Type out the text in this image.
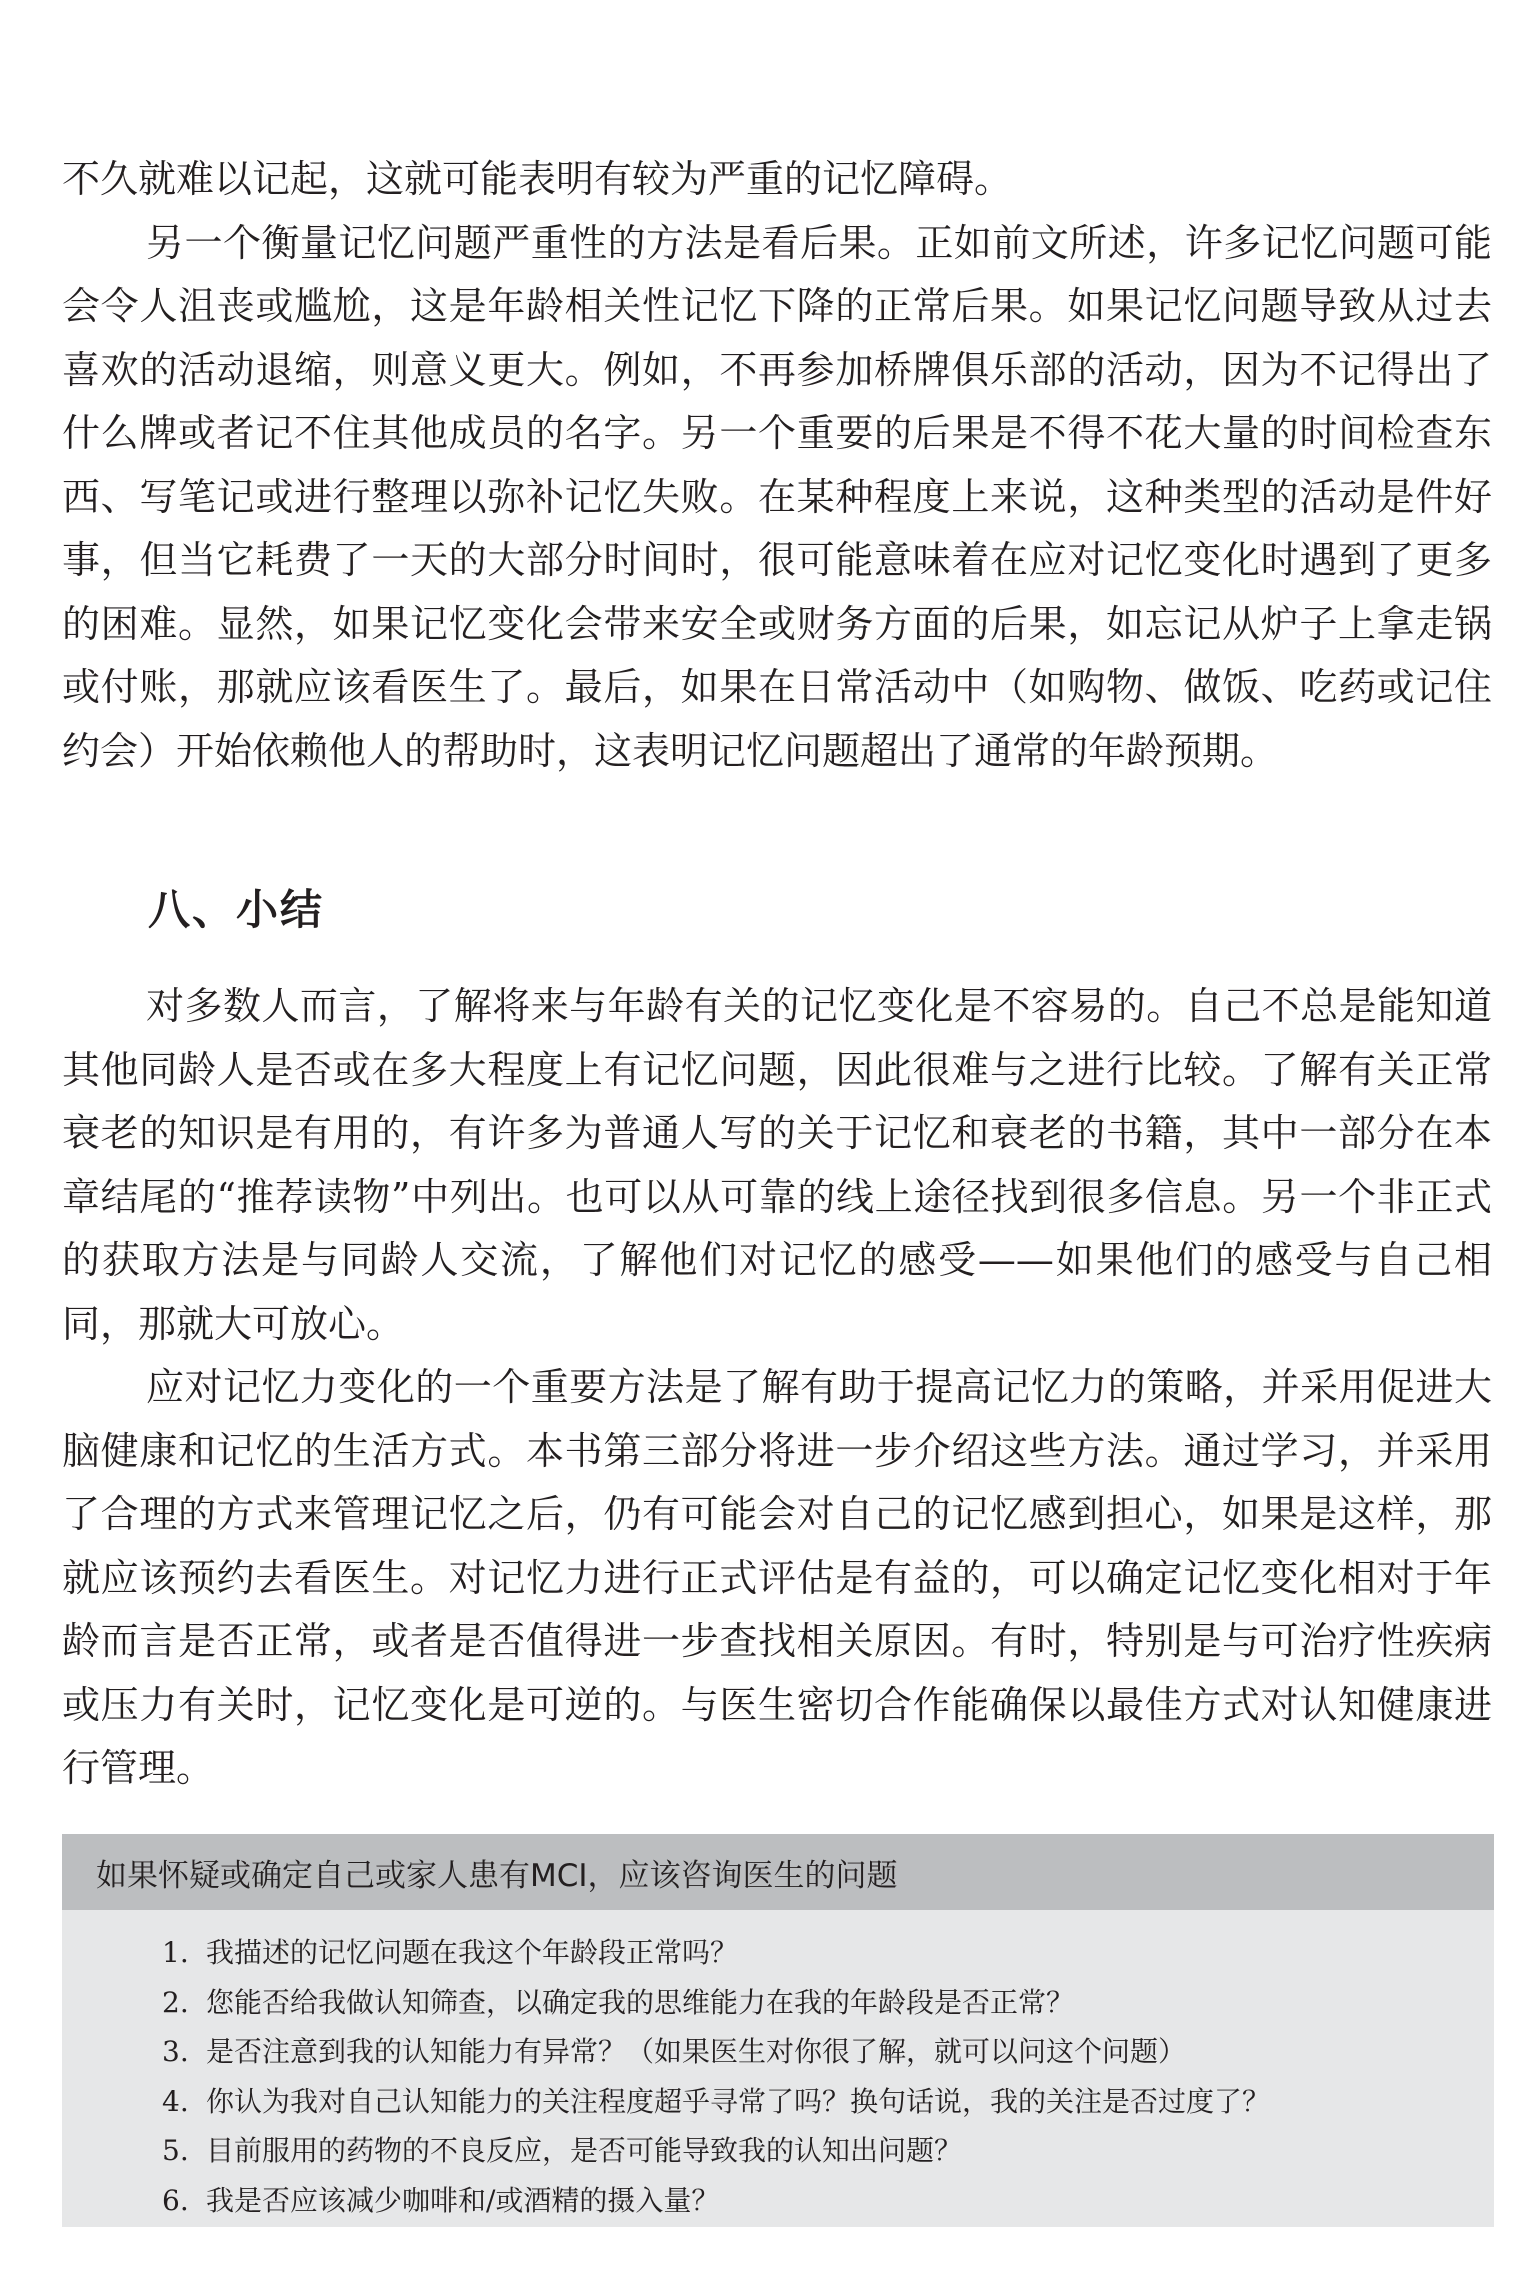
不久就难以记起，这就可能表明有较为严重的记忆障碍。

另一个衡量记忆问题严重性的方法是看后果。正如前文所述，许多记忆问题可能会令人沮丧或尴尬，这是年龄相关性记忆下降的正常后果。如果记忆问题导致从过去喜欢的活动退缩，则意义更大。例如，不再参加桥牌俱乐部的活动，因为不记得出了什么牌或者记不住其他成员的名字。另一个重要的后果是不得不花大量的时间检查东西、写笔记或进行整理以弥补记忆失败。在某种程度上来说，这种类型的活动是件好事，但当它耗费了一天的大部分时间时，很可能意味着在应对记忆变化时遇到了更多的困难。显然，如果记忆变化会带来安全或财务方面的后果，如忘记从炉子上拿走锅或付账，那就应该看医生了。最后，如果在日常活动中（如购物、做饭、吃药或记住约会）开始依赖他人的帮助时，这表明记忆问题超出了通常的年龄预期。

八、小结

对多数人而言，了解将来与年龄有关的记忆变化是不容易的。自己不总是能知道其他同龄人是否或在多大程度上有记忆问题，因此很难与之进行比较。了解有关正常衰老的知识是有用的，有许多为普通人写的关于记忆和衰老的书籍，其中一部分在本章结尾的“推荐读物”中列出。也可以从可靠的线上途径找到很多信息。另一个非正式的获取方法是与同龄人交流，了解他们对记忆的感受——如果他们的感受与自己相同，那就大可放心。

应对记忆力变化的一个重要方法是了解有助于提高记忆力的策略，并采用促进大脑健康和记忆的生活方式。本书第三部分将进一步介绍这些方法。通过学习，并采用了合理的方式来管理记忆之后，仍有可能会对自己的记忆感到担心，如果是这样，那就应该预约去看医生。对记忆力进行正式评估是有益的，可以确定记忆变化相对于年龄而言是否正常，或者是否值得进一步查找相关原因。有时，特别是与可治疗性疾病或压力有关时，记忆变化是可逆的。与医生密切合作能确保以最佳方式对认知健康进行管理。

如果怀疑或确定自己或家人患有MCI，应该咨询医生的问题

1. 我描述的记忆问题在我这个年龄段正常吗？
2. 您能否给我做认知筛查，以确定我的思维能力在我的年龄段是否正常？
3. 是否注意到我的认知能力有异常？（如果医生对你很了解，就可以问这个问题）
4. 你认为我对自己认知能力的关注程度超乎寻常了吗？换句话说，我的关注是否过度了？
5. 目前服用的药物的不良反应，是否可能导致我的认知出问题？
6. 我是否应该减少咖啡和/或酒精的摄入量？
